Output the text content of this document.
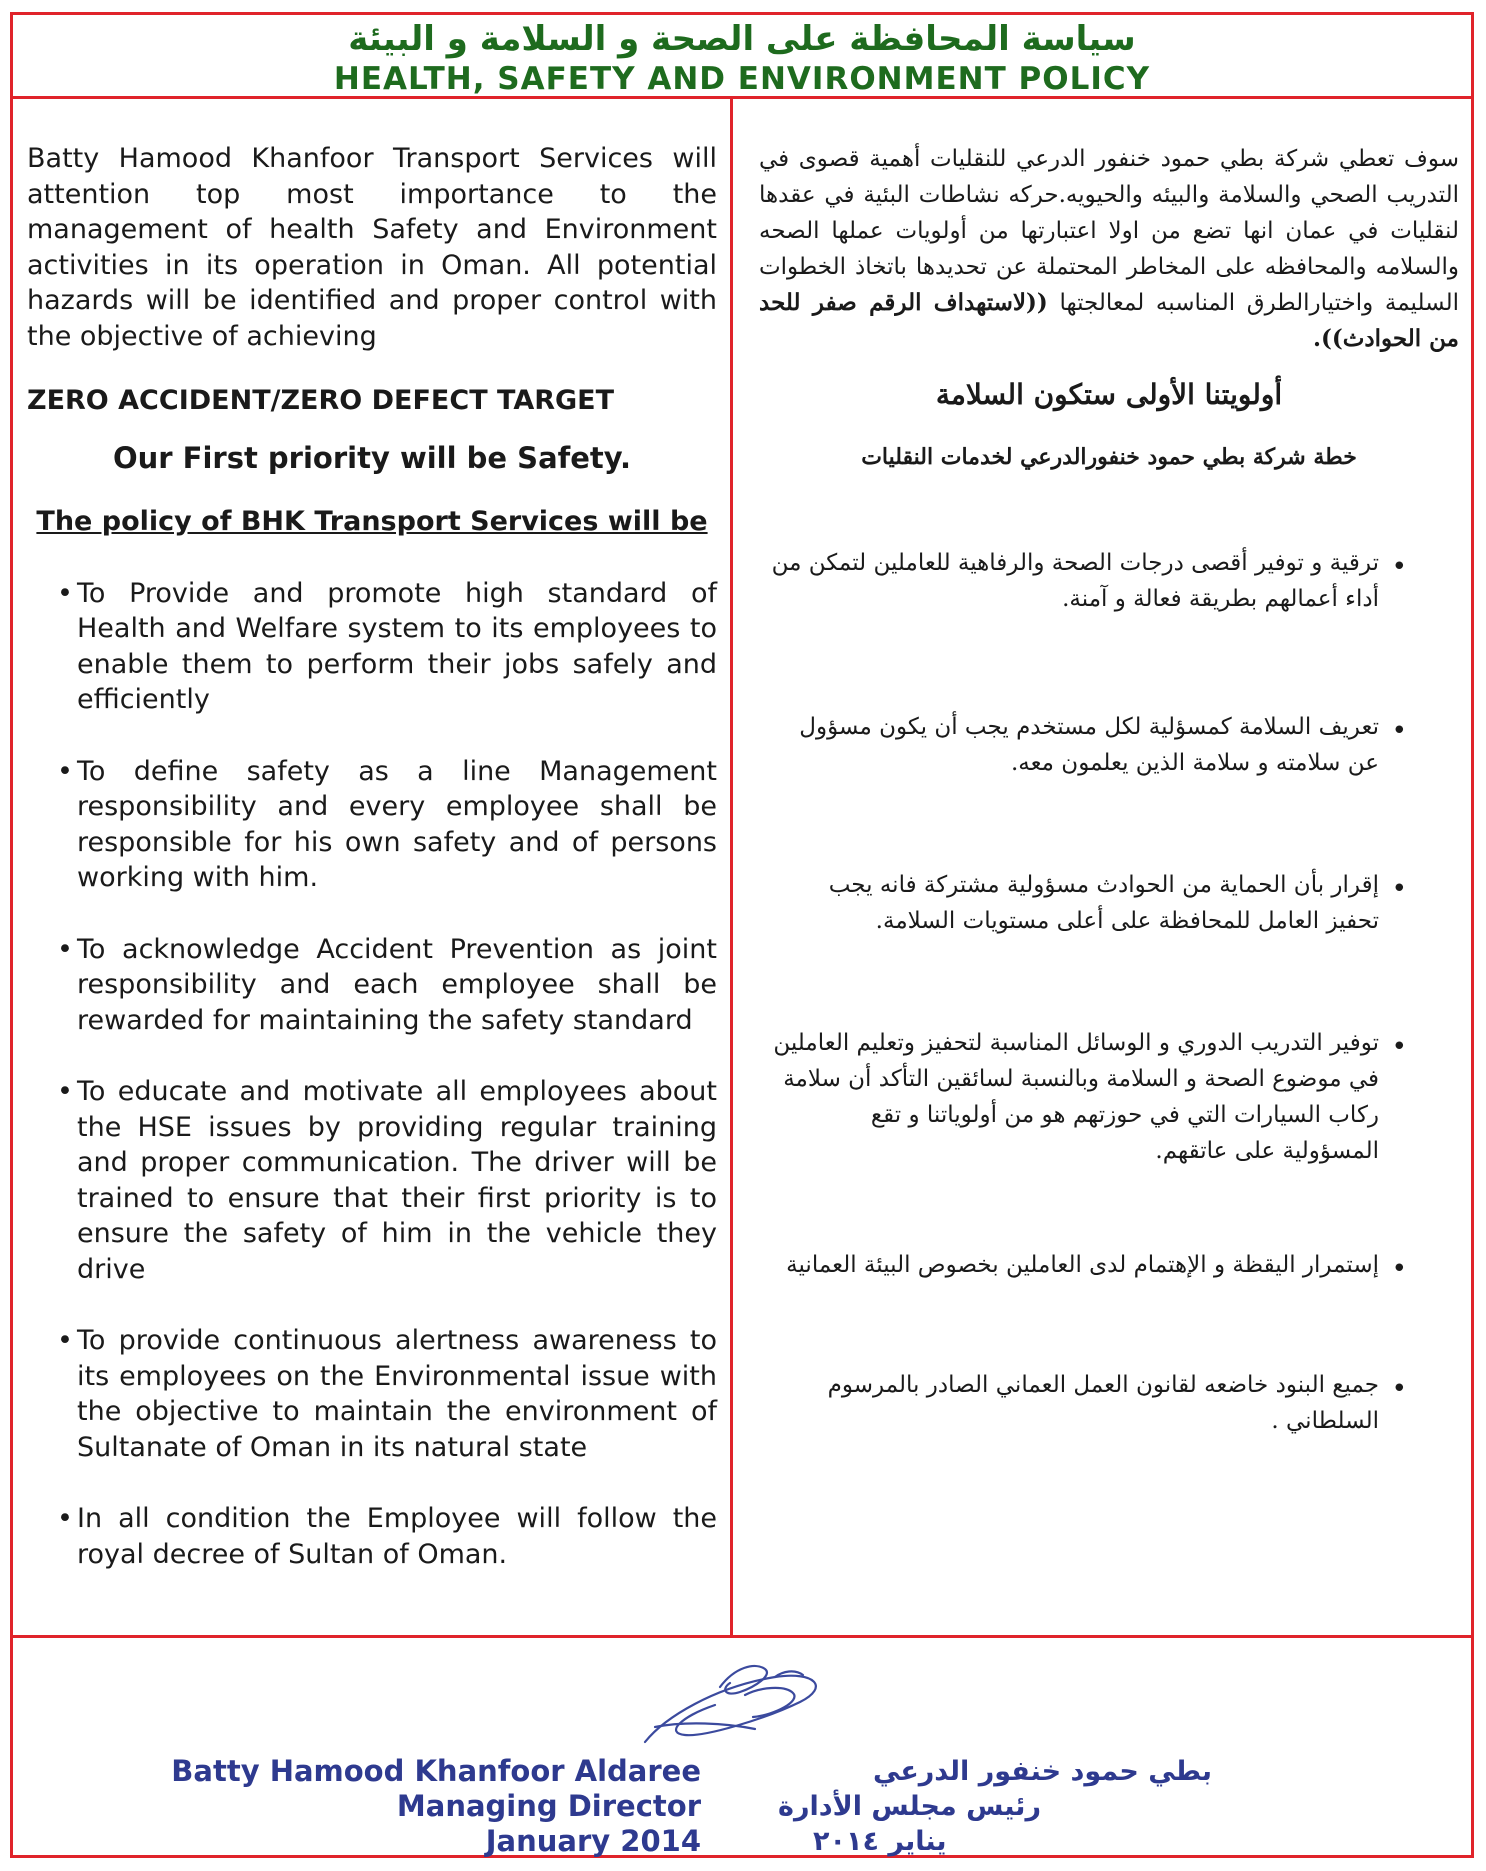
سياسة المحافظة على الصحة و السلامة و البيئة
HEALTH, SAFETY AND ENVIRONMENT POLICY

Batty Hamood Khanfoor Transport Services will attention top most importance to the management of health Safety and Environment activities in its operation in Oman. All potential hazards will be identified and proper control with the objective of achieving

ZERO ACCIDENT/ZERO DEFECT TARGET
Our First priority will be Safety.
The policy of BHK Transport Services will be
• To Provide and promote high standard of Health and Welfare system to its employees to enable them to perform their jobs safely and efficiently
• To define safety as a line Management responsibility and every employee shall be responsible for his own safety and of persons working with him.
• To acknowledge Accident Prevention as joint responsibility and each employee shall be rewarded for maintaining the safety standard
• To educate and motivate all employees about the HSE issues by providing regular training and proper communication. The driver will be trained to ensure that their first priority is to ensure the safety of him in the vehicle they drive
• To provide continuous alertness awareness to its employees on the Environmental issue with the objective to maintain the environment of Sultanate of Oman in its natural state
• In all condition the Employee will follow the royal decree of Sultan of Oman.

سوف تعطي شركة بطي حمود خنفور الدرعي للنقليات أهمية قصوى في التدريب الصحي والسلامة والبيئه والحيويه.حركه نشاطات البئية في عقدها لنقليات في عمان انها تضع من اولا اعتبارتها من أولويات عملها الصحه والسلامه والمحافظه على المخاطر المحتملة عن تحديدها باتخاذ الخطوات السليمة واختيارالطرق المناسبه لمعالجتها ((لاستهداف الرقم صفر للحد من الحوادث)).

أولويتنا الأولى ستكون السلامة
خطة شركة بطي حمود خنفورالدرعي لخدمات النقليات
• ترقية و توفير أقصى درجات الصحة والرفاهية للعاملين لتمكن من أداء أعمالهم بطريقة فعالة و آمنة.
• تعريف السلامة كمسؤلية لكل مستخدم يجب أن يكون مسؤول عن سلامته و سلامة الذين يعلمون معه.
• إقرار بأن الحماية من الحوادث مسؤولية مشتركة فانه يجب تحفيز العامل للمحافظة على أعلى مستويات السلامة.
• توفير التدريب الدوري و الوسائل المناسبة لتحفيز وتعليم العاملين في موضوع الصحة و السلامة وبالنسبة لسائقين التأكد أن سلامة ركاب السيارات التي في حوزتهم هو من أولوياتنا و تقع المسؤولية على عاتقهم.
• إستمرار اليقظة و الإهتمام لدى العاملين بخصوص البيئة العمانية
• جميع البنود خاضعه لقانون العمل العماني الصادر بالمرسوم السلطاني .
Batty Hamood Khanfoor Aldaree
Managing Director
January 2014
بطي حمود خنفور الدرعي
رئيس مجلس الأدارة
يناير ٢٠١٤
